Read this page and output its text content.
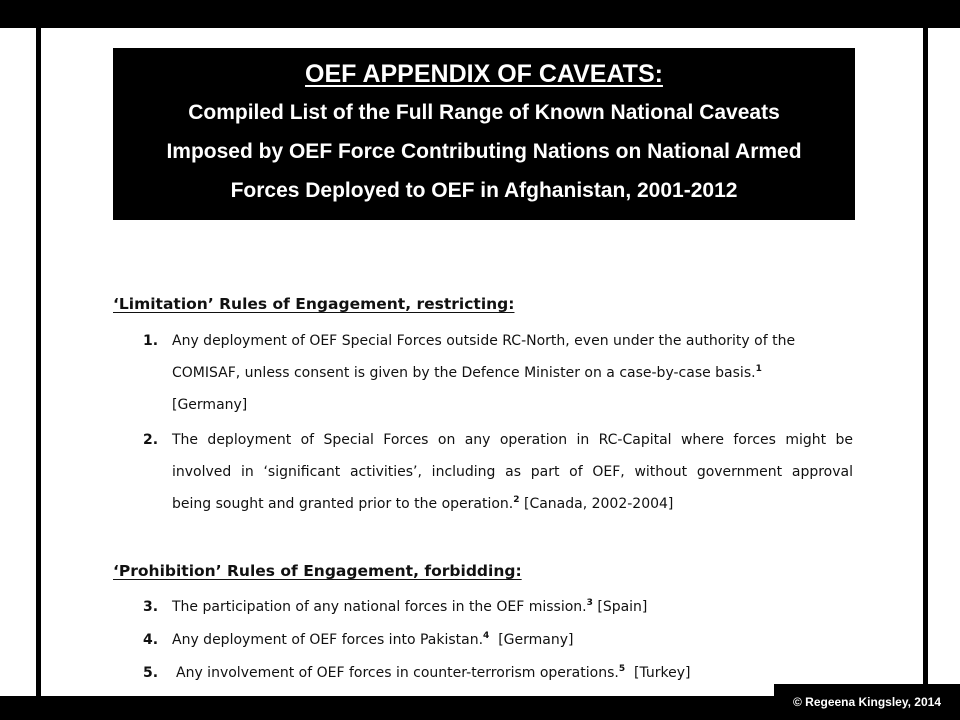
OEF APPENDIX OF CAVEATS:
Compiled List of the Full Range of Known National Caveats
Imposed by OEF Force Contributing Nations on National Armed
Forces Deployed to OEF in Afghanistan, 2001-2012
‘Limitation’ Rules of Engagement, restricting:
1. Any deployment of OEF Special Forces outside RC-North, even under the authority of the
COMISAF, unless consent is given by the Defence Minister on a case-by-case basis.$^1$
[Germany]
2. The deployment of Special Forces on any operation in RC-Capital where forces might be
involved in ‘significant activities’, including as part of OEF, without government approval
being sought and granted prior to the operation.$^2$ [Canada, 2002-2004]
‘Prohibition’ Rules of Engagement, forbidding:
3. The participation of any national forces in the OEF mission.$^3$ [Spain]
4. Any deployment of OEF forces into Pakistan.$^4$  [Germany]
5. Any involvement of OEF forces in counter-terrorism operations.$^5$  [Turkey]
© Regeena Kingsley, 2014
